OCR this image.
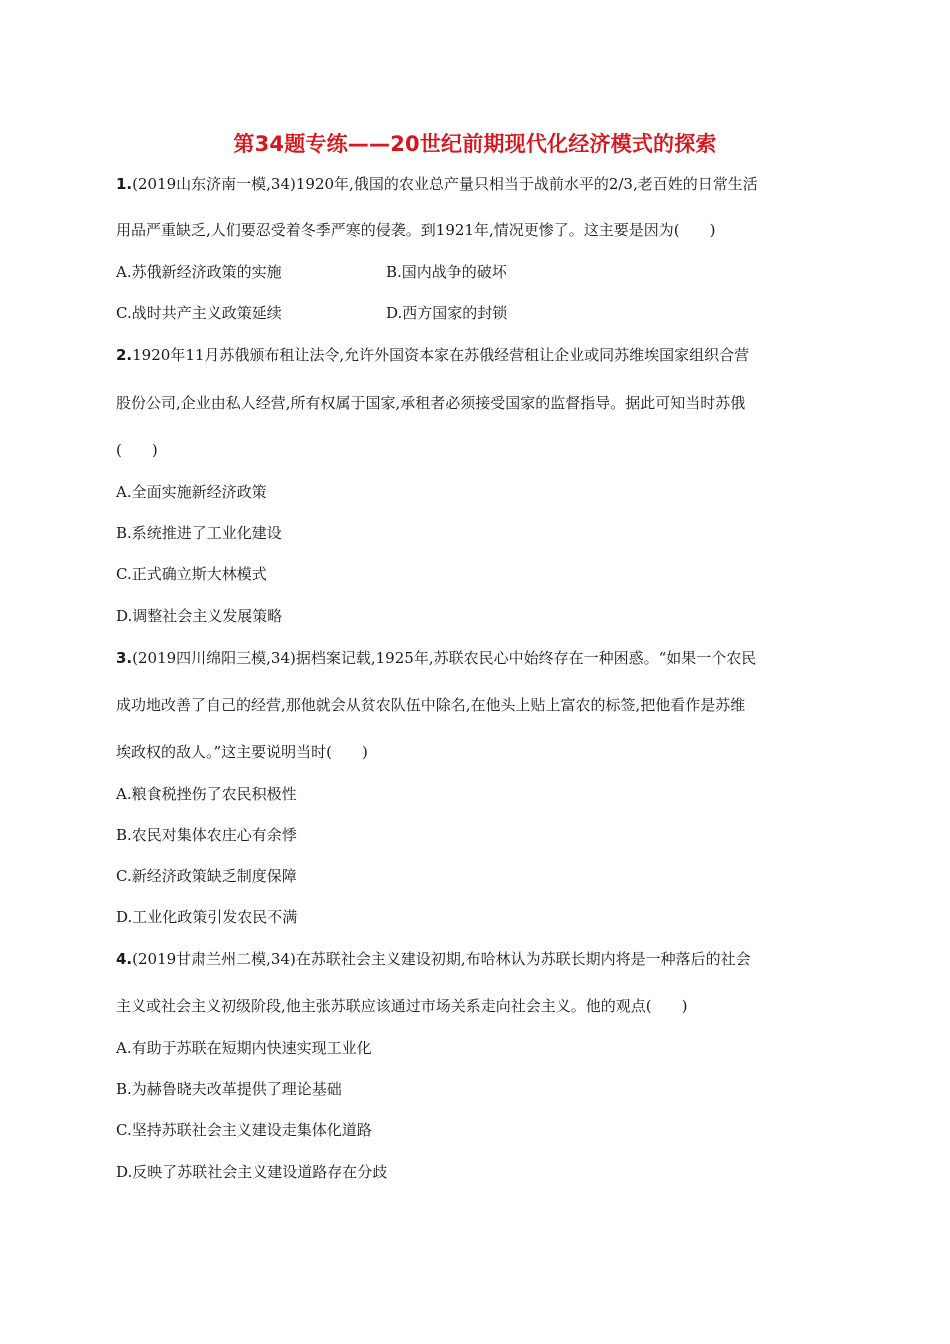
第34题专练——20世纪前期现代化经济模式的探索
1.(2019山东济南一模,34)1920年,俄国的农业总产量只相当于战前水平的2/3,老百姓的日常生活
用品严重缺乏,人们要忍受着冬季严寒的侵袭。到1921年,情况更惨了。这主要是因为(　　)
A.苏俄新经济政策的实施	B.国内战争的破坏
C.战时共产主义政策延续	D.西方国家的封锁
2.1920年11月苏俄颁布租让法令,允许外国资本家在苏俄经营租让企业或同苏维埃国家组织合营
股份公司,企业由私人经营,所有权属于国家,承租者必须接受国家的监督指导。据此可知当时苏俄
(　　)
A.全面实施新经济政策
B.系统推进了工业化建设
C.正式确立斯大林模式
D.调整社会主义发展策略
3.(2019四川绵阳三模,34)据档案记载,1925年,苏联农民心中始终存在一种困惑。“如果一个农民
成功地改善了自己的经营,那他就会从贫农队伍中除名,在他头上贴上富农的标签,把他看作是苏维
埃政权的敌人。”这主要说明当时(　　)
A.粮食税挫伤了农民积极性
B.农民对集体农庄心有余悸
C.新经济政策缺乏制度保障
D.工业化政策引发农民不满
4.(2019甘肃兰州二模,34)在苏联社会主义建设初期,布哈林认为苏联长期内将是一种落后的社会
主义或社会主义初级阶段,他主张苏联应该通过市场关系走向社会主义。他的观点(　　)
A.有助于苏联在短期内快速实现工业化
B.为赫鲁晓夫改革提供了理论基础
C.坚持苏联社会主义建设走集体化道路
D.反映了苏联社会主义建设道路存在分歧
